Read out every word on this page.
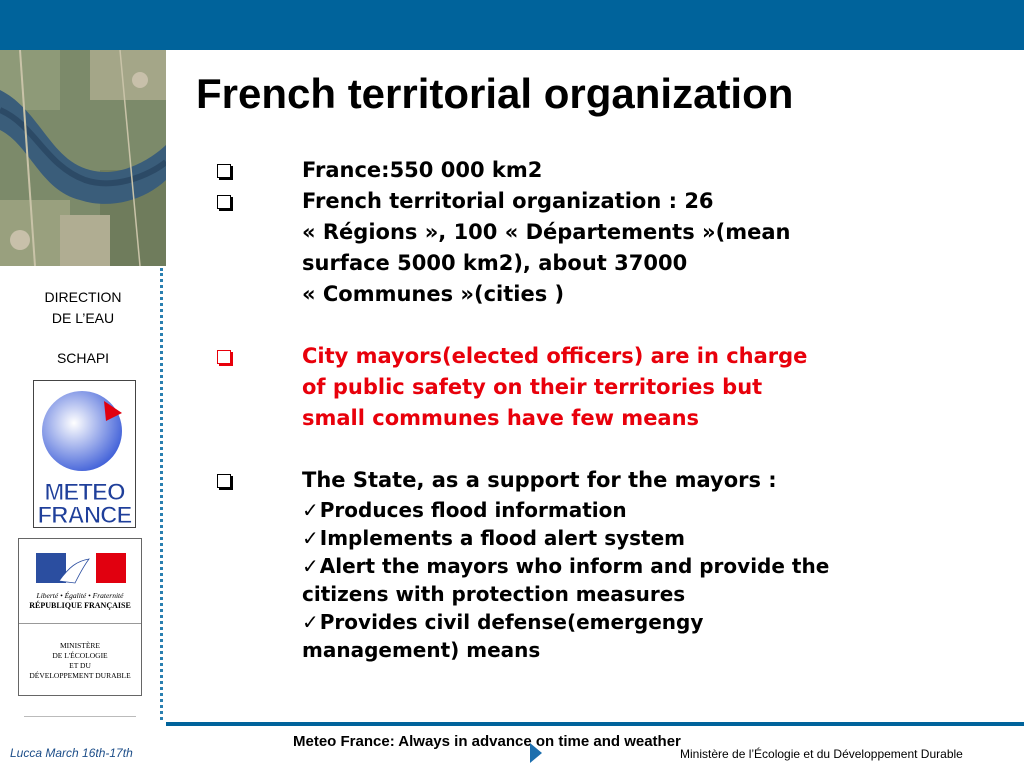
DIRECTION
DE L’EAU
SCHAPI
METEO
FRANCE
Liberté • Égalité • Fraternité
RÉPUBLIQUE FRANÇAISE
MINISTÈRE
DE L'ÉCOLOGIE
ET DU
DÉVELOPPEMENT DURABLE
French territorial organization
France:550 000 km2
French territorial organization : 26
« Régions », 100 « Départements »(mean
surface 5000 km2), about 37000
« Communes »(cities )
City mayors(elected officers) are in charge
of public safety on their territories but
small communes have few means
The State, as a support for the mayors :
✓Produces flood information
✓Implements a flood alert system
✓Alert the mayors who inform and provide the
citizens with protection measures
✓Provides civil defense(emergengy
management) means
Meteo France: Always in advance on time and weather
Lucca March 16th-17th	Ministère de l’Écologie et du Développement Durable
